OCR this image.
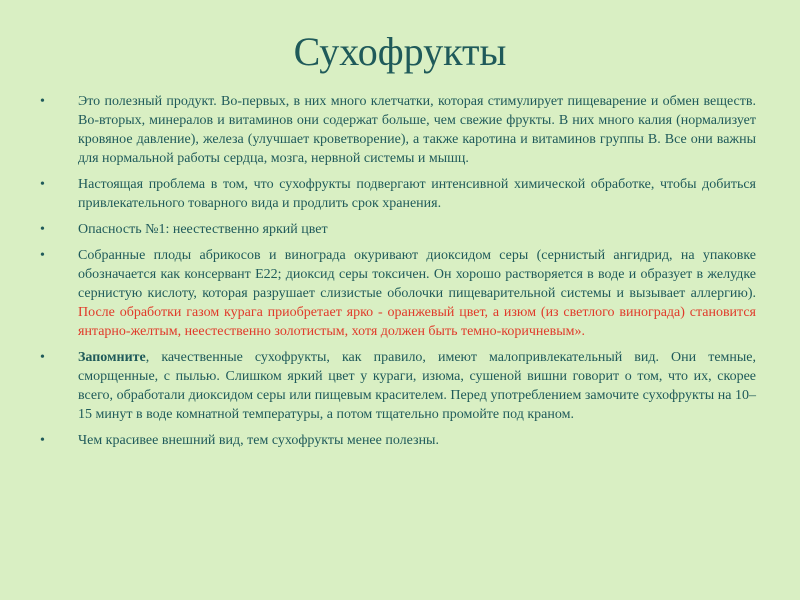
Сухофрукты
•	Это полезный продукт. Во-первых, в них много клетчатки, которая стимулирует пищеварение и обмен веществ. Во-вторых, минералов и витаминов они содержат больше, чем свежие фрукты. В них много калия (нормализует кровяное давление), железа (улучшает кроветворение), а также каротина и витаминов группы B. Все они важны для нормальной работы сердца, мозга, нервной системы и мышц.
•	Настоящая проблема в том, что сухофрукты подвергают интенсивной химической обработке, чтобы добиться привлекательного товарного вида и продлить срок хранения.
•	Опасность №1: неестественно яркий цвет
•	Собранные плоды абрикосов и винограда окуривают диоксидом серы (сернистый ангидрид, на упаковке обозначается как консервант Е22; диоксид серы токсичен. Он хорошо растворяется в воде и образует в желудке сернистую кислоту, которая разрушает слизистые оболочки пищеварительной системы и вызывает аллергию). После обработки газом курага приобретает ярко - оранжевый цвет, а изюм (из светлого винограда) становится янтарно-желтым, неестественно золотистым, хотя должен быть темно-коричневым».
•	Запомните, качественные сухофрукты, как правило, имеют малопривлекательный вид. Они темные, сморщенные, с пылью. Слишком яркий цвет у кураги, изюма, сушеной вишни говорит о том, что их, скорее всего, обработали диоксидом серы или пищевым красителем. Перед употреблением замочите сухофрукты на 10–15 минут в воде комнатной температуры, а потом тщательно промойте под краном.
•	Чем красивее внешний вид, тем сухофрукты менее полезны.
